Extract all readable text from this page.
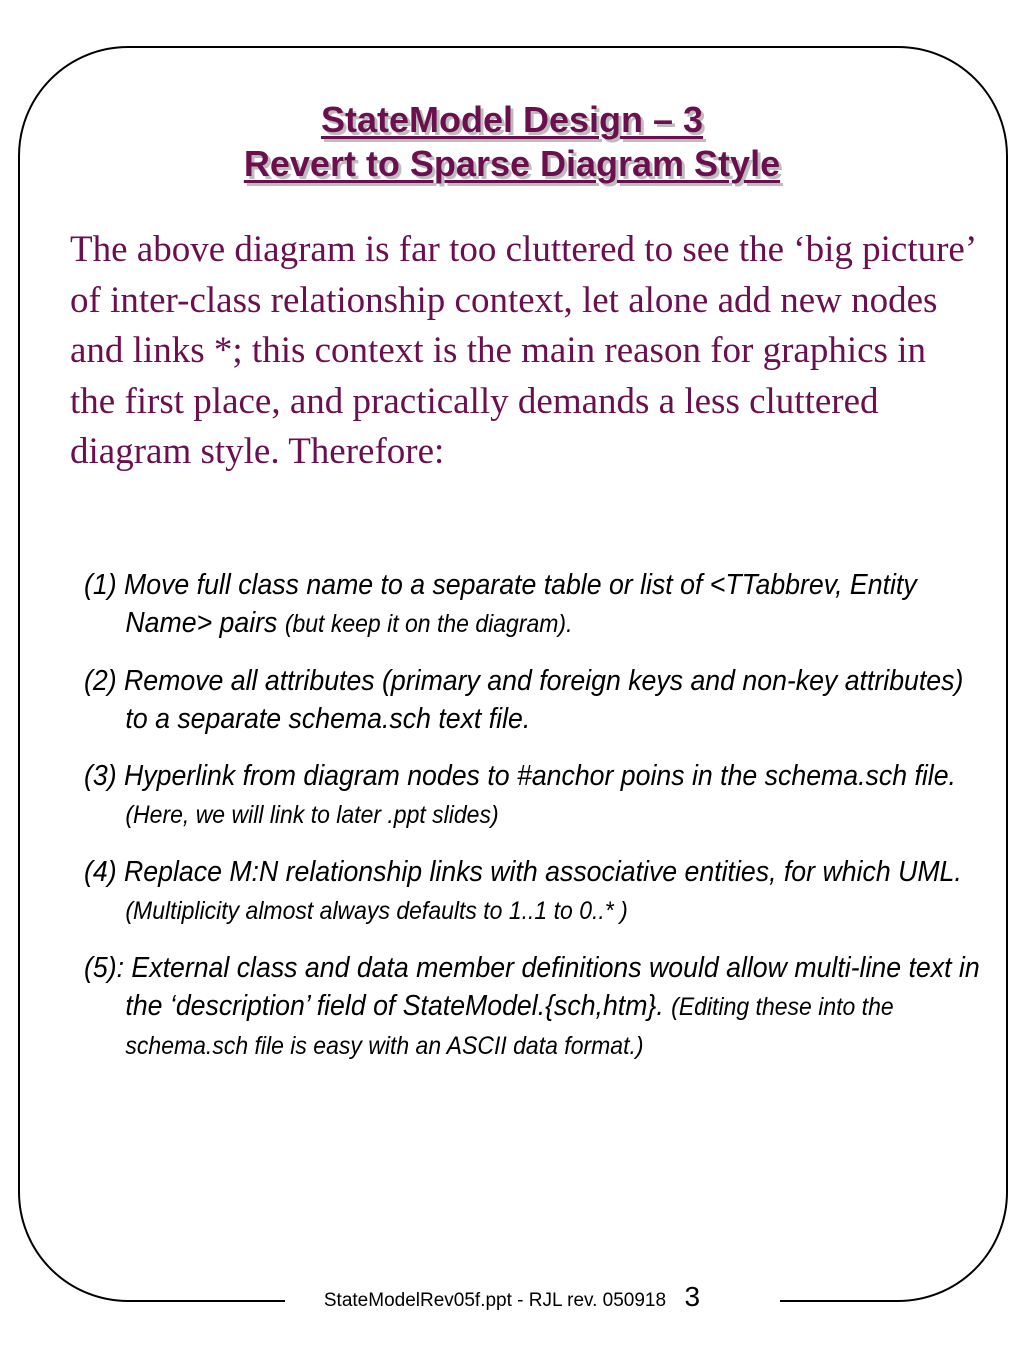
StateModel Design – 3
Revert to Sparse Diagram Style
The above diagram is far too cluttered to see the ‘big picture’ of inter-class relationship context, let alone add new nodes and links *; this context is the main reason for graphics in the first place, and practically demands a less cluttered diagram style. Therefore:
(1) Move full class name to a separate table or list of <TTabbrev, Entity Name> pairs (but keep it on the diagram).
(2) Remove all attributes (primary and foreign keys and non-key attributes) to a separate schema.sch text file.
(3) Hyperlink from diagram nodes to #anchor poins in the schema.sch file. (Here, we will link to later .ppt slides)
(4) Replace M:N relationship links with associative entities, for which UML. (Multiplicity almost always defaults to 1..1 to 0..* )
(5): External class and data member definitions would allow multi-line text in the ‘description’ field of StateModel.{sch,htm}. (Editing these into the schema.sch file is easy with an ASCII data format.)
StateModelRev05f.ppt - RJL rev. 050918 3
